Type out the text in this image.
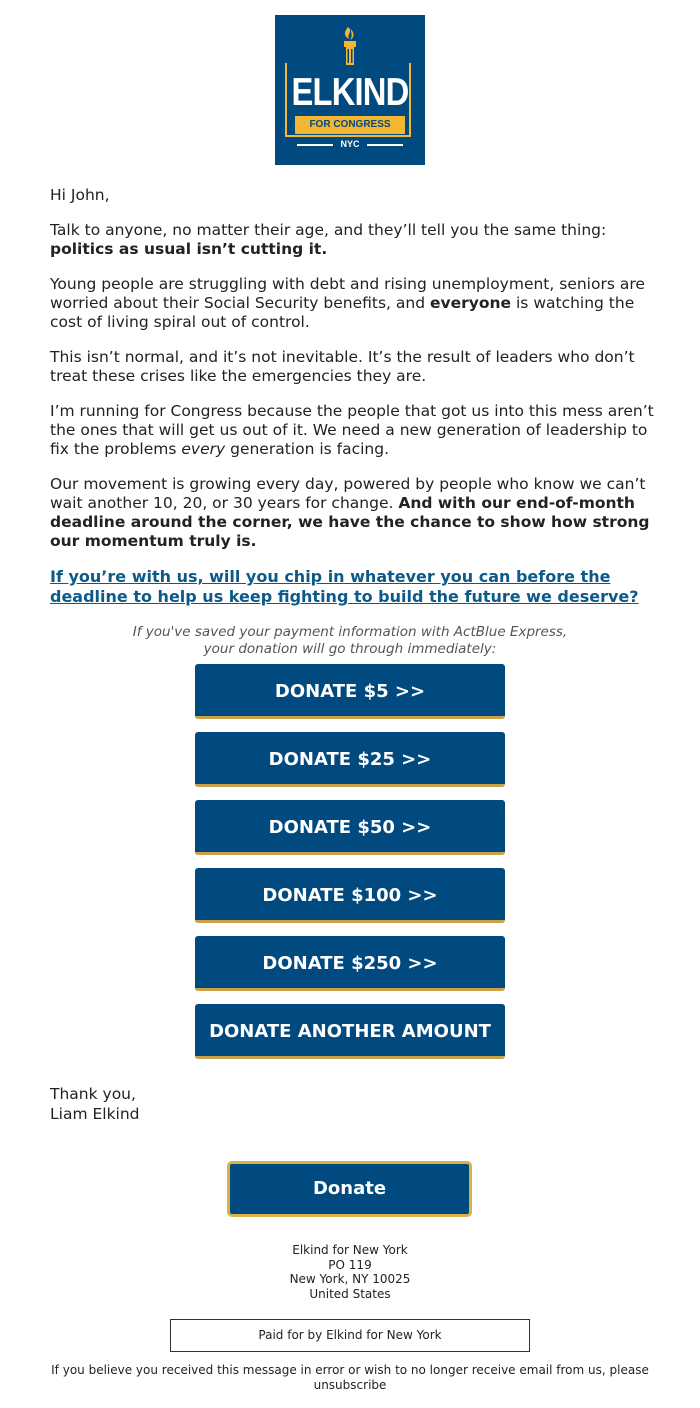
ELKIND
FOR CONGRESS
NYC

Hi John,

Talk to anyone, no matter their age, and they’ll tell you the same thing: politics as usual isn’t cutting it.

Young people are struggling with debt and rising unemployment, seniors are worried about their Social Security benefits, and everyone is watching the cost of living spiral out of control.

This isn’t normal, and it’s not inevitable. It’s the result of leaders who don’t treat these crises like the emergencies they are.

I’m running for Congress because the people that got us into this mess aren’t the ones that will get us out of it. We need a new generation of leadership to fix the problems every generation is facing.

Our movement is growing every day, powered by people who know we can’t wait another 10, 20, or 30 years for change. And with our end-of-month deadline around the corner, we have the chance to show how strong our momentum truly is.

If you’re with us, will you chip in whatever you can before the deadline to help us keep fighting to build the future we deserve?

If you've saved your payment information with ActBlue Express, your donation will go through immediately:
DONATE $5 >>
DONATE $25 >>
DONATE $50 >>
DONATE $100 >>
DONATE $250 >>
DONATE ANOTHER AMOUNT
Thank you,
Liam Elkind
Donate
Elkind for New York
PO 119
New York, NY 10025
United States
Paid for by Elkind for New York
If you believe you received this message in error or wish to no longer receive email from us, please unsubscribe
